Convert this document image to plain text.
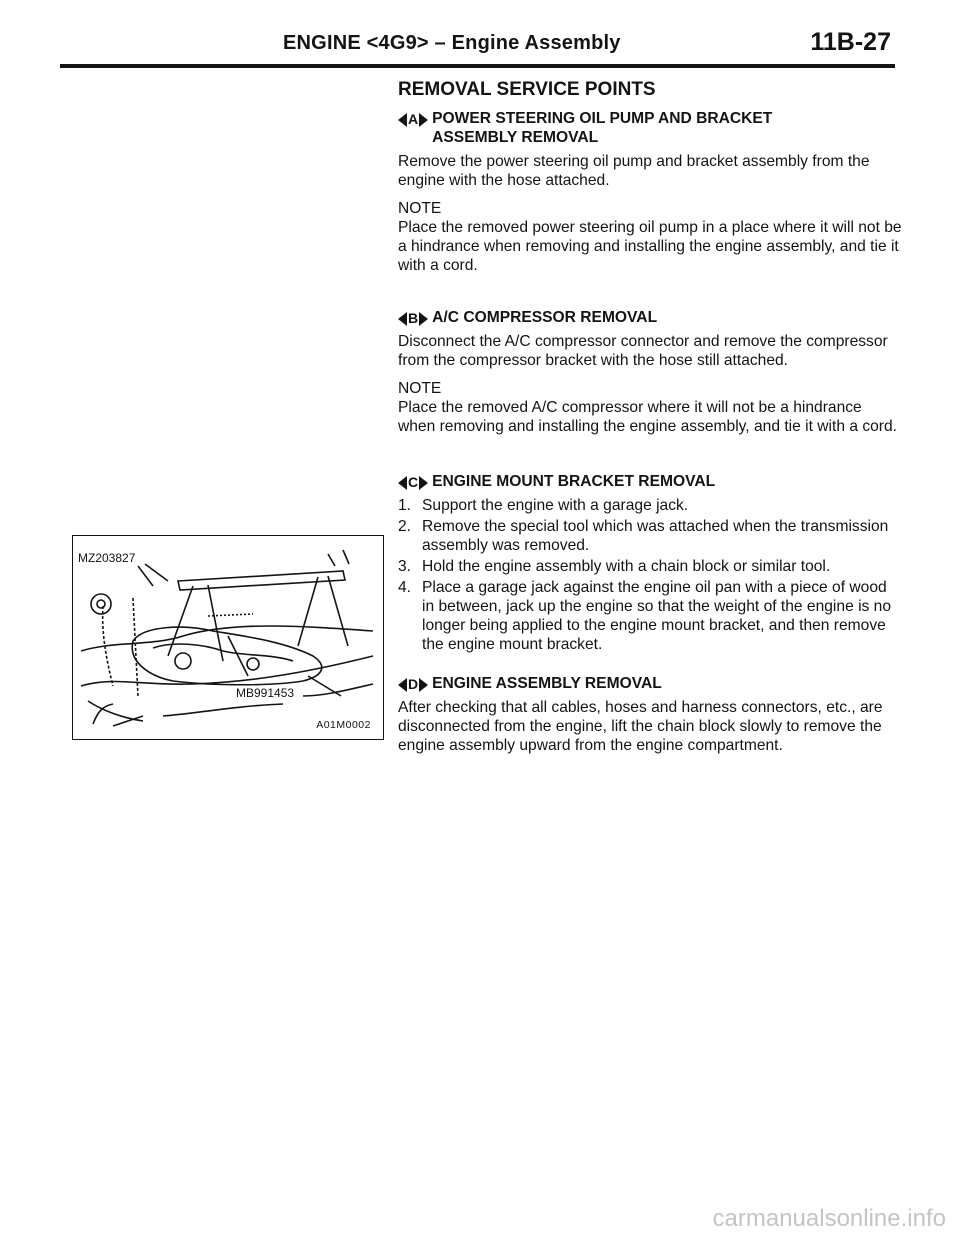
ENGINE <4G9> – Engine Assembly	11B-27
REMOVAL SERVICE POINTS
A POWER STEERING OIL PUMP AND BRACKET
ASSEMBLY REMOVAL

Remove the power steering oil pump and bracket assembly from the engine with the hose attached.

NOTE

Place the removed power steering oil pump in a place where it will not be a hindrance when removing and installing the engine assembly, and tie it with a cord.

B A/C COMPRESSOR REMOVAL

Disconnect the A/C compressor connector and remove the compressor from the compressor bracket with the hose still attached.

NOTE

Place the removed A/C compressor where it will not be a hindrance when removing and installing the engine assembly, and tie it with a cord.

C ENGINE MOUNT BRACKET REMOVAL
1. Support the engine with a garage jack.
2. Remove the special tool which was attached when the transmission assembly was removed.
3. Hold the engine assembly with a chain block or similar tool.
4. Place a garage jack against the engine oil pan with a piece of wood in between, jack up the engine so that the weight of the engine is no longer being applied to the engine mount bracket, and then remove the engine mount bracket.
D ENGINE ASSEMBLY REMOVAL

After checking that all cables, hoses and harness connectors, etc., are disconnected from the engine, lift the chain block slowly to remove the engine assembly upward from the engine compartment.

MZ203827
MB991453
A01M0002
carmanualsonline.info
